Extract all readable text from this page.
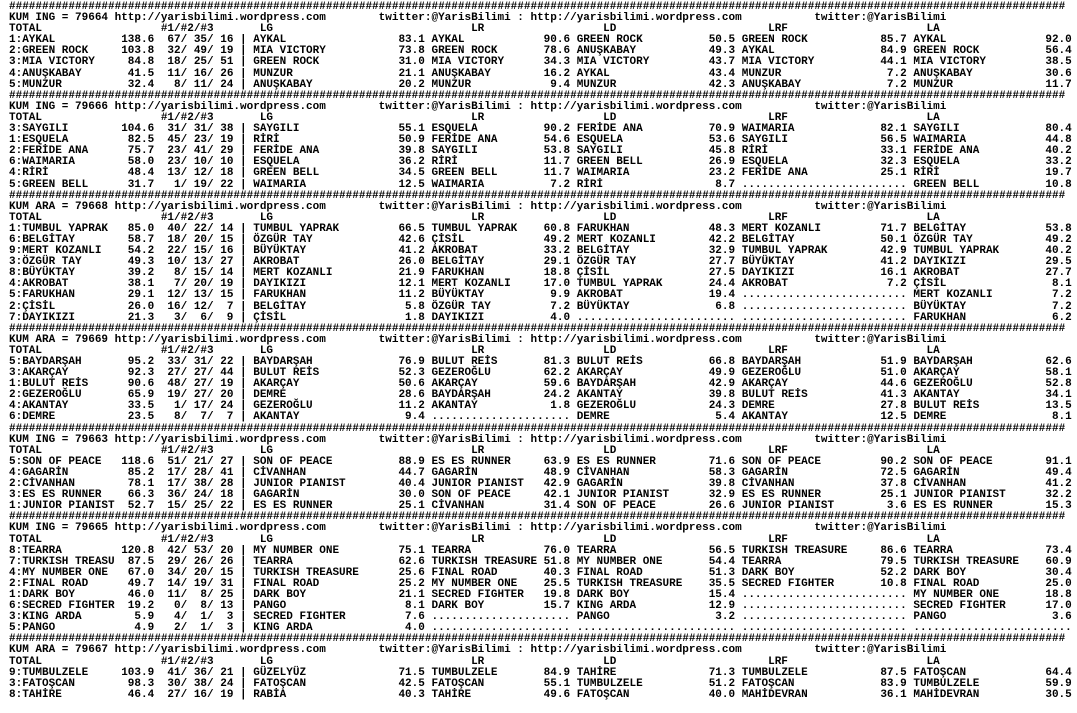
################################################################################################################################################################
KUM ING = 79664 http://yarisbilimi.wordpress.com	twitter:@YarisBilimi : http://yarisbilimi.wordpress.com	twitter:@YarisBilimi
TOTAL	#1/#2/#3	LG	LR	LD	LRF	LA
1:AYKAL	138.6 67/ 35/ 16 | AYKAL	83.1 AYKAL	90.6 GREEN ROCK	50.5 GREEN ROCK	85.7 AYKAL	92.0
2:GREEN ROCK	103.8 32/ 49/ 19 | MIA VICTORY	73.8 GREEN ROCK	78.6 ANUŞKABAY	49.3 AYKAL	84.9 GREEN ROCK	56.4
3:MIA VICTORY	84.8 18/ 25/ 51 | GREEN ROCK	31.0 MIA VICTORY	34.3 MIA VICTORY	43.7 MIA VICTORY	44.1 MIA VICTORY	38.5
4:ANUŞKABAY	41.5 11/ 16/ 26 | MUNZUR	21.1 ANUŞKABAY	16.2 AYKAL	43.4 MUNZUR	7.2 ANUŞKABAY	30.6
5:MUNZUR	32.4	8/ 11/ 24 | ANUŞKABAY	20.2 MUNZUR	9.4 MUNZUR	42.3 ANUŞKABAY	7.2 MUNZUR	11.7
################################################################################################################################################################
KUM ING = 79666 http://yarisbilimi.wordpress.com	twitter:@YarisBilimi : http://yarisbilimi.wordpress.com	twitter:@YarisBilimi
TOTAL	#1/#2/#3	LG	LR	LD	LRF	LA
3:SAYGILI	104.6 31/ 31/ 38 | SAYGILI	55.1 ESQUELA	90.2 FERİDE ANA	70.9 WAIMARIA	82.1 SAYGILI	80.4
1:ESQUELA	82.5 45/ 23/ 19 | RİRİ	50.9 FERİDE ANA	54.6 ESQUELA	53.6 SAYGILI	56.5 WAIMARIA	44.8
2:FERİDE ANA	75.7 23/ 41/ 29 | FERİDE ANA	39.8 SAYGILI	53.8 SAYGILI	45.8 RİRİ	33.1 FERİDE ANA	40.2
6:WAIMARIA	58.0 23/ 10/ 10 | ESQUELA	36.2 RİRİ	11.7 GREEN BELL	26.9 ESQUELA	32.3 ESQUELA	33.2
4:RİRİ	48.4 13/ 12/ 18 | GREEN BELL	34.5 GREEN BELL	11.7 WAIMARIA	23.2 FERİDE ANA	25.1 RİRİ	19.7
5:GREEN BELL	31.7	1/ 19/ 22 | WAIMARIA	12.5 WAIMARIA	7.2 RİRİ	8.7 ......................... GREEN BELL	10.8
################################################################################################################################################################
KUM ARA = 79668 http://yarisbilimi.wordpress.com	twitter:@YarisBilimi : http://yarisbilimi.wordpress.com	twitter:@YarisBilimi
TOTAL	#1/#2/#3	LG	LR	LD	LRF	LA
1:TUMBUL YAPRAK	85.0 40/ 22/ 14 | TUMBUL YAPRAK	66.5 TUMBUL YAPRAK	60.8 FARUKHAN	48.3 MERT KOZANLI	71.7 BELGİTAY	53.8
6:BELGİTAY	58.7 18/ 20/ 15 | ÖZGÜR TAY	42.6 ÇİSİL	49.2 MERT KOZANLI	42.2 BELGİTAY	50.1 ÖZGÜR TAY	49.2
9:MERT KOZANLI	54.2 22/ 15/ 16 | BÜYÜKTAY	41.2 AKROBAT	33.2 BELGİTAY	32.9 TUMBUL YAPRAK	42.9 TUMBUL YAPRAK	40.2
3:ÖZGÜR TAY	49.3 10/ 13/ 27 | AKROBAT	26.0 BELGİTAY	29.1 ÖZGÜR TAY	27.7 BÜYÜKTAY	41.2 DAYIKIZI	29.5
8:BÜYÜKTAY	39.2	8/ 15/ 14 | MERT KOZANLI	21.9 FARUKHAN	18.8 ÇİSİL	27.5 DAYIKIZI	16.1 AKROBAT	27.7
4:AKROBAT	38.1	7/ 20/ 19 | DAYIKIZI	12.1 MERT KOZANLI	17.0 TUMBUL YAPRAK	24.4 AKROBAT	7.2 ÇİSİL	8.1
5:FARUKHAN	29.1 12/ 13/ 15 | FARUKHAN	11.2 BÜYÜKTAY	9.9 AKROBAT	19.4 ......................... MERT KOZANLI	7.2
2:ÇİSİL	26.0 16/ 12/  7 | BELGİTAY	5.8 ÖZGÜR TAY	7.2 BÜYÜKTAY	6.8 ......................... BÜYÜKTAY	7.2
7:DAYIKIZI	21.3	3/  6/  9 | ÇİSİL	1.8 DAYIKIZI	4.0 ........................ ......................... FARUKHAN	6.2
################################################################################################################################################################
KUM ARA = 79669 http://yarisbilimi.wordpress.com	twitter:@YarisBilimi : http://yarisbilimi.wordpress.com	twitter:@YarisBilimi
TOTAL	#1/#2/#3	LG	LR	LD	LRF	LA
5:BAYDARŞAH	95.2 33/ 31/ 22 | BAYDARŞAH	76.9 BULUT REİS	81.3 BULUT REİS	66.8 BAYDARŞAH	51.9 BAYDARŞAH	62.6
3:AKARÇAY	92.3 27/ 27/ 44 | BULUT REİS	52.3 GEZEROĞLU	62.2 AKARÇAY	49.9 GEZEROĞLU	51.0 AKARÇAY	58.1
1:BULUT REİS	90.6 48/ 27/ 19 | AKARÇAY	50.6 AKARÇAY	59.6 BAYDARŞAH	42.9 AKARÇAY	44.6 GEZEROĞLU	52.8
2:GEZEROĞLU	65.9 19/ 27/ 20 | DEMRE	28.6 BAYDARŞAH	24.2 AKANTAY	39.8 BULUT REİS	41.3 AKANTAY	34.1
4:AKANTAY	33.5	1/ 17/ 24 | GEZEROĞLU	11.2 AKANTAY	1.8 GEZEROĞLU	24.3 DEMRE	27.8 BULUT REİS	13.5
6:DEMRE	23.5	8/  7/  7 | AKANTAY	9.4 ..................... DEMRE	5.4 AKANTAY	12.5 DEMRE	8.1
################################################################################################################################################################
KUM ING = 79663 http://yarisbilimi.wordpress.com	twitter:@YarisBilimi : http://yarisbilimi.wordpress.com	twitter:@YarisBilimi
TOTAL	#1/#2/#3	LG	LR	LD	LRF	LA
5:SON OF PEACE	118.6 51/ 21/ 27 | SON OF PEACE	88.9 ES ES RUNNER	63.9 ES ES RUNNER	71.6 SON OF PEACE	90.2 SON OF PEACE	91.1
4:GAGARİN	85.2 17/ 28/ 41 | CİVANHAN	44.7 GAGARİN	48.9 CİVANHAN	58.3 GAGARİN	72.5 GAGARİN	49.4
2:CİVANHAN	78.1 17/ 38/ 28 | JUNIOR PIANIST	40.4 JUNIOR PIANIST	42.9 GAGARİN	39.8 CİVANHAN	37.8 CİVANHAN	41.2
3:ES ES RUNNER	66.3 36/ 24/ 18 | GAGARİN	30.0 SON OF PEACE	42.1 JUNIOR PIANIST	32.9 ES ES RUNNER	25.1 JUNIOR PIANIST	32.2
1:JUNIOR PIANIST	52.7 15/ 25/ 22 | ES ES RUNNER	25.1 CİVANHAN	31.4 SON OF PEACE	26.6 JUNIOR PIANIST	3.6 ES ES RUNNER	15.3
################################################################################################################################################################
KUM ING = 79665 http://yarisbilimi.wordpress.com	twitter:@YarisBilimi : http://yarisbilimi.wordpress.com	twitter:@YarisBilimi
TOTAL	#1/#2/#3	LG	LR	LD	LRF	LA
8:TEARRA	120.8 42/ 53/ 20 | MY NUMBER ONE	75.1 TEARRA	76.0 TEARRA	56.5 TURKISH TREASURE	86.6 TEARRA	73.4
7:TURKISH TREASU	87.5 29/ 26/ 26 | TEARRA	62.6 TURKISH TREASURE 51.8 MY NUMBER ONE	54.4 TEARRA	79.5 TURKISH TREASURE	60.9
4:MY NUMBER ONE	67.0 34/ 20/ 15 | TURKISH TREASURE	25.6 FINAL ROAD	40.3 FINAL ROAD	51.3 DARK BOY	52.2 DARK BOY	30.4
2:FINAL ROAD	49.7 14/ 19/ 31 | FINAL ROAD	25.2 MY NUMBER ONE	25.5 TURKISH TREASURE	35.5 SECRED FIGHTER	10.8 FINAL ROAD	25.0
1:DARK BOY	46.0 11/  8/ 25 | DARK BOY	21.1 SECRED FIGHTER	19.8 DARK BOY	15.4 ......................... MY NUMBER ONE	18.8
6:SECRED FIGHTER	19.2	0/  8/ 13 | PANGO	8.1 DARK BOY	15.7 KING ARDA	12.9 ......................... SECRED FIGHTER	17.0
3:KING ARDA	5.9	4/  1/  3 | SECRED FIGHTER	7.6 ..................... PANGO	3.2 ......................... PANGO	3.6
5:PANGO	4.9	2/  1/  3 | KING ARDA	4.0 ..................... ........................ ......................... ........................
################################################################################################################################################################
KUM ARA = 79667 http://yarisbilimi.wordpress.com	twitter:@YarisBilimi : http://yarisbilimi.wordpress.com	twitter:@YarisBilimi
TOTAL	#1/#2/#3	LG	LR	LD	LRF	LA
9:TUMBULZELE	103.9 41/ 36/ 21 | GÜZELYÜZ	71.5 TUMBULZELE	84.9 TAHİRE	71.3 TUMBULZELE	87.5 FATOŞCAN	64.4
3:FATOŞCAN	98.3 30/ 38/ 24 | FATOŞCAN	42.5 FATOŞCAN	55.1 TUMBULZELE	51.2 FATOŞCAN	83.9 TUMBULZELE	59.9
8:TAHİRE	46.4 27/ 16/ 19 | RABİA	40.3 TAHİRE	49.6 FATOŞCAN	40.0 MAHİDEVRAN	36.1 MAHİDEVRAN	30.5
